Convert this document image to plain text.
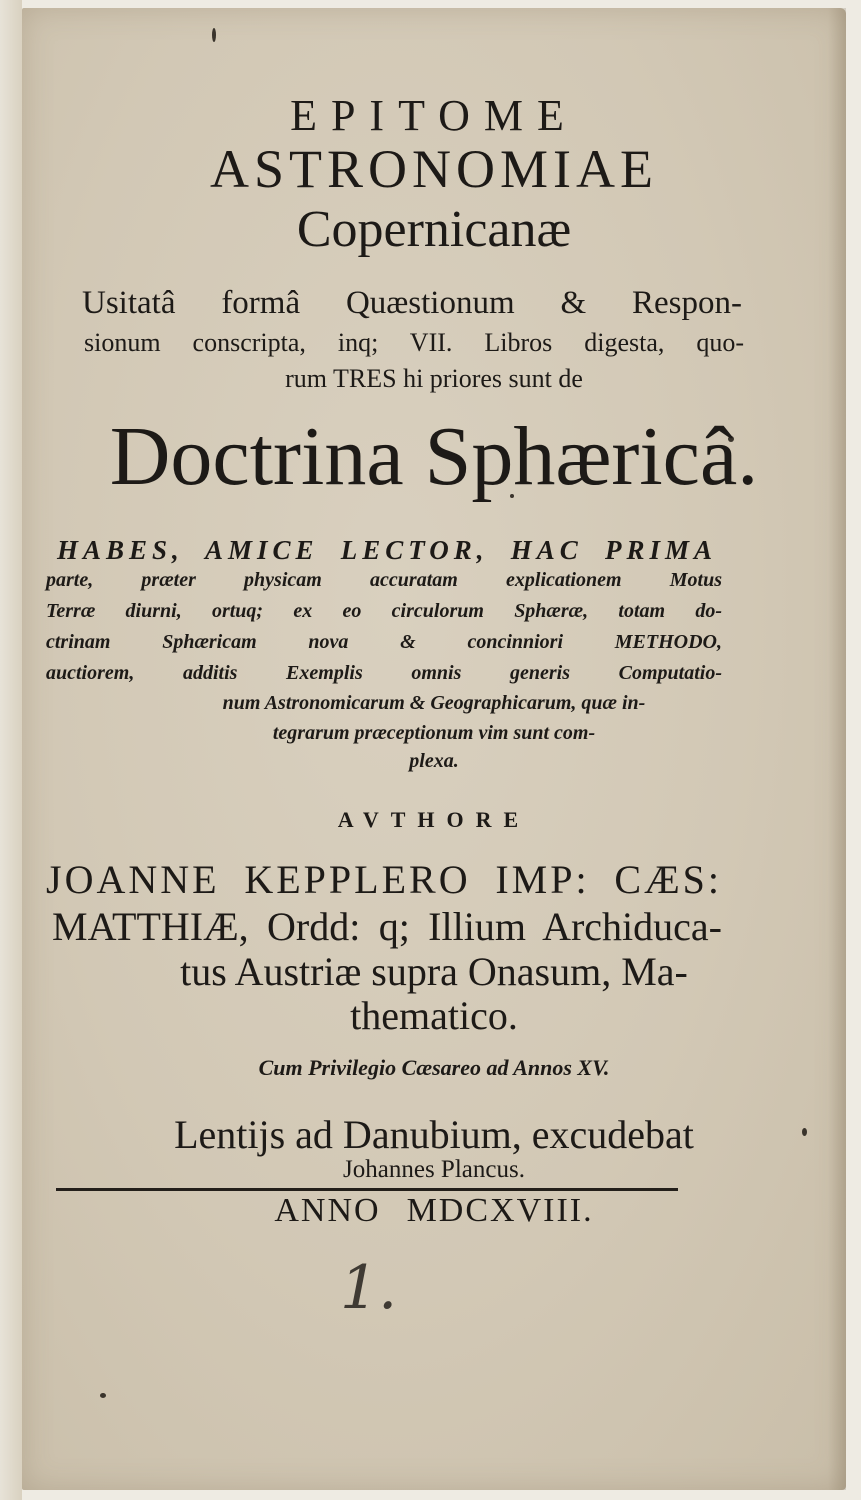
EPITOME
ASTRONOMIAE
Copernicanæ
Usitatâ formâ Quæstionum & Respon-
sionum conscripta, inq; VII. Libros digesta, quo-
rum TRES hi priores sunt de
Doctrina Sphæricâ.
HABES, AMICE LECTOR, HAC PRIMA
parte, præter physicam accuratam explicationem Motus
Terræ diurni, ortuq; ex eo circulorum Sphæræ, totam do-
ctrinam Sphæricam nova & concinniori METHODO,
auctiorem, additis Exemplis omnis generis Computatio-
num Astronomicarum & Geographicarum, quæ in-
tegrarum præceptionum vim sunt com-
plexa.
AVTHORE
JOANNE KEPPLERO IMP: CÆS:
MATTHIÆ, Ordd: q; Illium Archiduca-
tus Austriæ supra Onasum, Ma-
thematico.
Cum Privilegio Cæsareo ad Annos XV.
Lentijs ad Danubium, excudebat
Johannes Plancus.
ANNO MDCXVIII.
1.
